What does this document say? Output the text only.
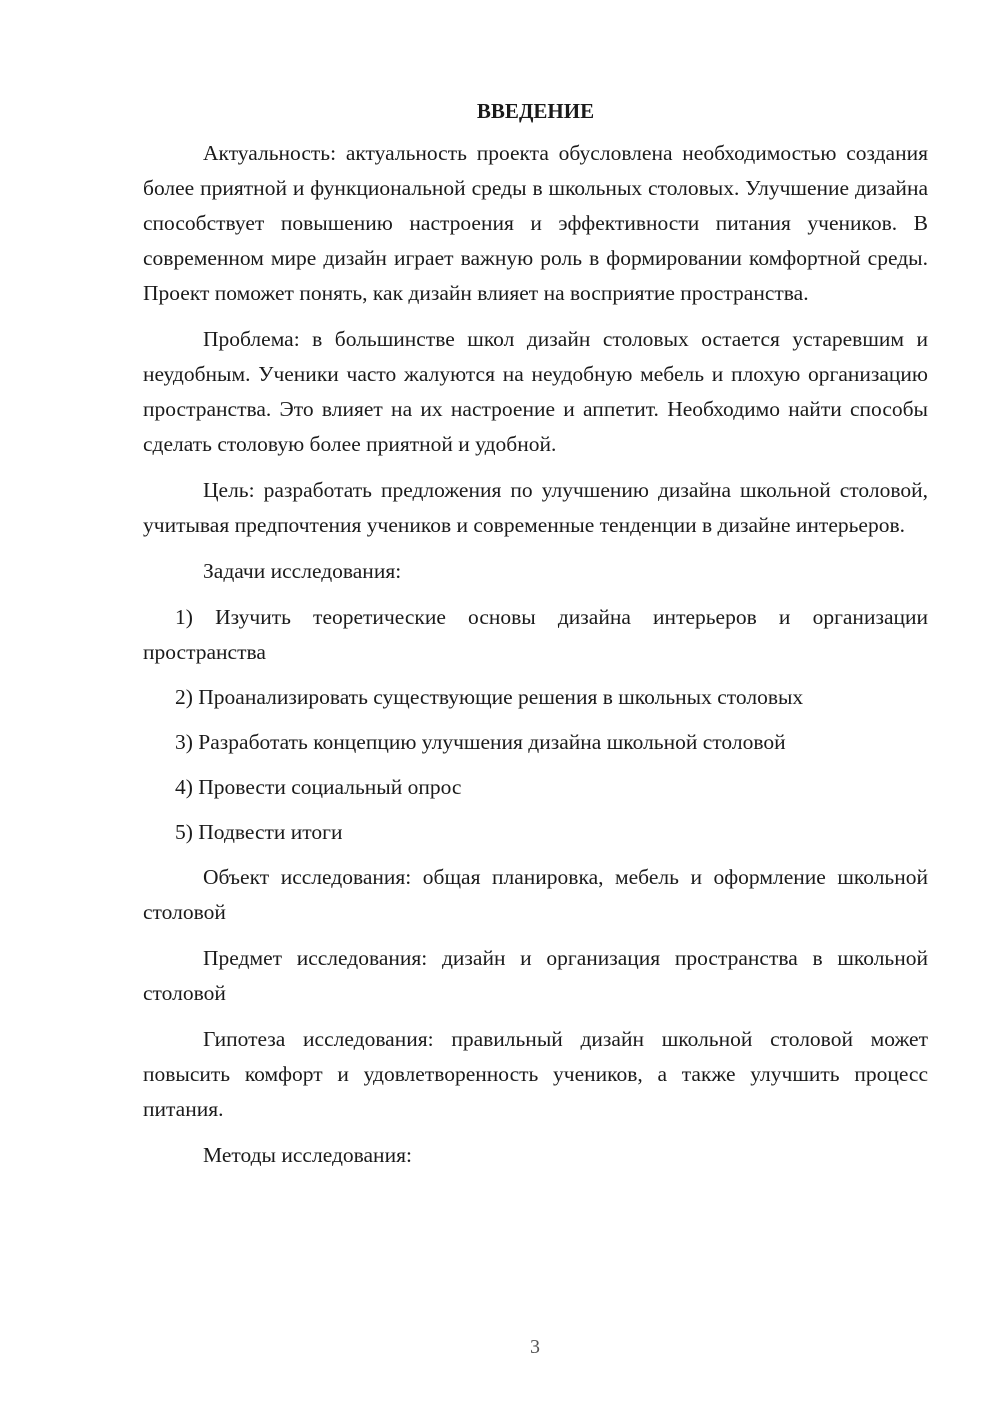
ВВЕДЕНИЕ

Актуальность: актуальность проекта обусловлена необходимостью создания более приятной и функциональной среды в школьных столовых. Улучшение дизайна способствует повышению настроения и эффективности питания учеников. В современном мире дизайн играет важную роль в формировании комфортной среды. Проект поможет понять, как дизайн влияет на восприятие пространства.

Проблема: в большинстве школ дизайн столовых остается устаревшим и неудобным. Ученики часто жалуются на неудобную мебель и плохую организацию пространства. Это влияет на их настроение и аппетит. Необходимо найти способы сделать столовую более приятной и удобной.

Цель: разработать предложения по улучшению дизайна школьной столовой, учитывая предпочтения учеников и современные тенденции в дизайне интерьеров.

Задачи исследования:

1) Изучить теоретические основы дизайна интерьеров и организации пространства

2) Проанализировать существующие решения в школьных столовых

3) Разработать концепцию улучшения дизайна школьной столовой

4) Провести социальный опрос

5) Подвести итоги

Объект исследования: общая планировка, мебель и оформление школьной столовой

Предмет исследования: дизайн и организация пространства в школьной столовой

Гипотеза исследования: правильный дизайн школьной столовой может повысить комфорт и удовлетворенность учеников, а также улучшить процесс питания.

Методы исследования:

3
